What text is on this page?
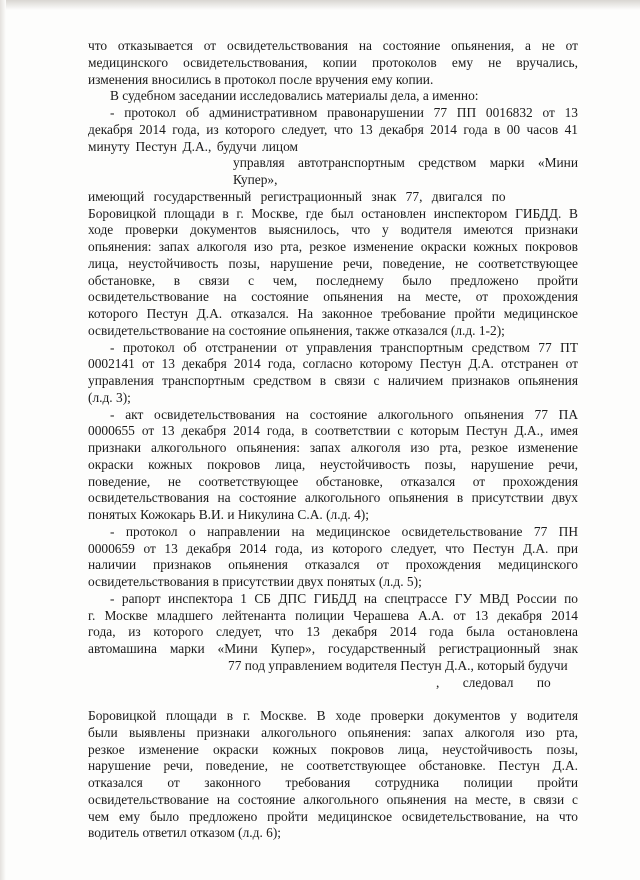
что отказывается от освидетельствования на состояние опьянения, а не от
медицинского освидетельствования, копии протоколов ему не вручались,
изменения вносились в протокол после вручения ему копии.
В судебном заседании исследовались материалы дела, а именно:
- протокол об административном правонарушении 77 ПП 0016832 от 13
декабря 2014 года, из которого следует, что 13 декабря 2014 года в 00 часов 41
минуту Пестун Д.А., будучи лицом
управляя автотранспортным средством марки «Мини Купер»,
имеющий государственный регистрационный знак 77, двигался по
Боровицкой площади в г. Москве, где был остановлен инспектором ГИБДД. В
ходе проверки документов выяснилось, что у водителя имеются признаки
опьянения: запах алкоголя изо рта, резкое изменение окраски кожных покровов
лица, неустойчивость позы, нарушение речи, поведение, не соответствующее
обстановке, в связи с чем, последнему было предложено пройти
освидетельствование на состояние опьянения на месте, от прохождения
которого Пестун Д.А. отказался. На законное требование пройти медицинское
освидетельствование на состояние опьянения, также отказался (л.д. 1-2);
- протокол об отстранении от управления транспортным средством 77 ПТ
0002141 от 13 декабря 2014 года, согласно которому Пестун Д.А. отстранен от
управления транспортным средством в связи с наличием признаков опьянения
(л.д. 3);
- акт освидетельствования на состояние алкогольного опьянения 77 ПА
0000655 от 13 декабря 2014 года, в соответствии с которым Пестун Д.А., имея
признаки алкогольного опьянения: запах алкоголя изо рта, резкое изменение
окраски кожных покровов лица, неустойчивость позы, нарушение речи,
поведение, не соответствующее обстановке, отказался от прохождения
освидетельствования на состояние алкогольного опьянения в присутствии двух
понятых Кожокарь В.И. и Никулина С.А. (л.д. 4);
- протокол о направлении на медицинское освидетельствование 77 ПН
0000659 от 13 декабря 2014 года, из которого следует, что Пестун Д.А. при
наличии признаков опьянения отказался от прохождения медицинского
освидетельствования в присутствии двух понятых (л.д. 5);
- рапорт инспектора 1 СБ ДПС ГИБДД на спецтрассе ГУ МВД России по
г. Москве младшего лейтенанта полиции Черашева А.А. от 13 декабря 2014
года, из которого следует, что 13 декабря 2014 года была остановлена
автомашина марки «Мини Купер», государственный регистрационный знак
77 под управлением водителя Пестун Д.А., который будучи
, следовал по
Боровицкой площади в г. Москве. В ходе проверки документов у водителя
были выявлены признаки алкогольного опьянения: запах алкоголя изо рта,
резкое изменение окраски кожных покровов лица, неустойчивость позы,
нарушение речи, поведение, не соответствующее обстановке. Пестун Д.А.
отказался от законного требования сотрудника полиции пройти
освидетельствование на состояние алкогольного опьянения на месте, в связи с
чем ему было предложено пройти медицинское освидетельствование, на что
водитель ответил отказом (л.д. 6);
